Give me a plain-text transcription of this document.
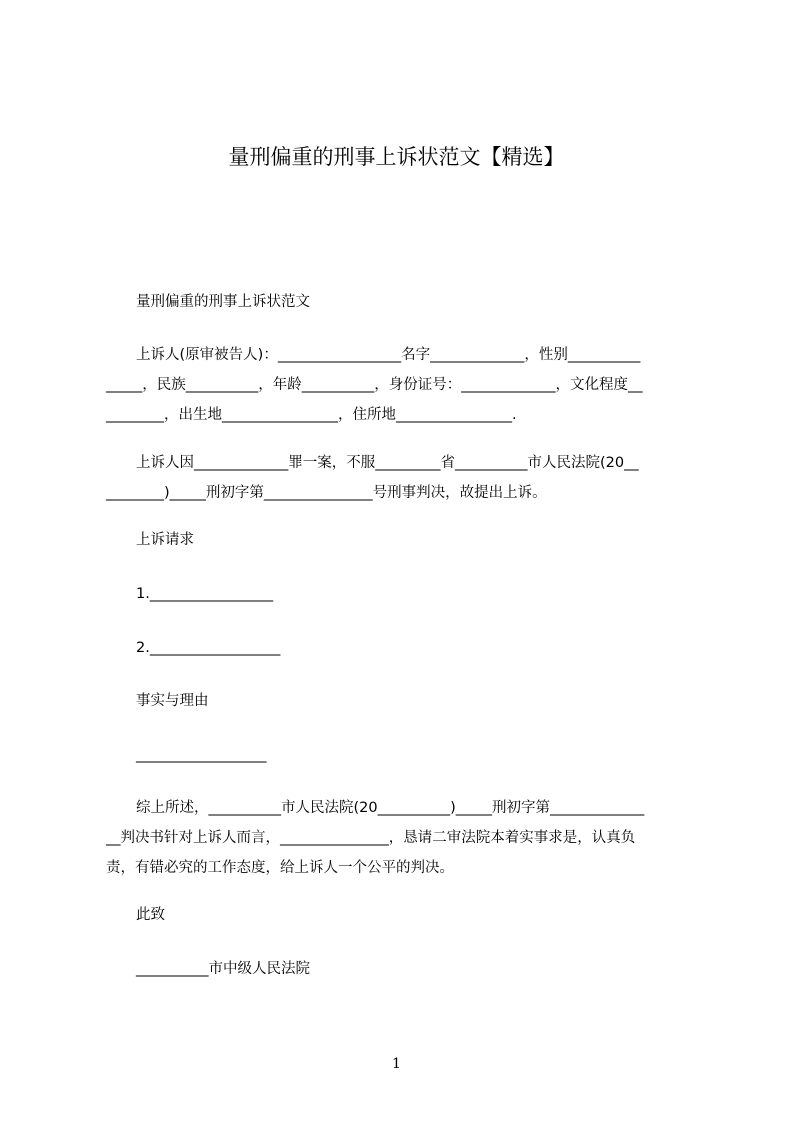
量刑偏重的刑事上诉状范文【精选】
量刑偏重的刑事上诉状范文
上诉人(原审被告人)：_________________名字_____________，性别__________
_____，民族__________，年龄__________，身份证号：_____________，文化程度__
________，出生地________________，住所地________________.
上诉人因_____________罪一案，不服_________省__________市人民法院(20__
________)_____刑初字第_______________号刑事判决，故提出上诉。
上诉请求
1._________________
2.__________________
事实与理由
__________________
综上所述，__________市人民法院(20__________)_____刑初字第_____________
__判决书针对上诉人而言，_______________，恳请二审法院本着实事求是，认真负
责，有错必究的工作态度，给上诉人一个公平的判决。
此致
__________市中级人民法院
1
